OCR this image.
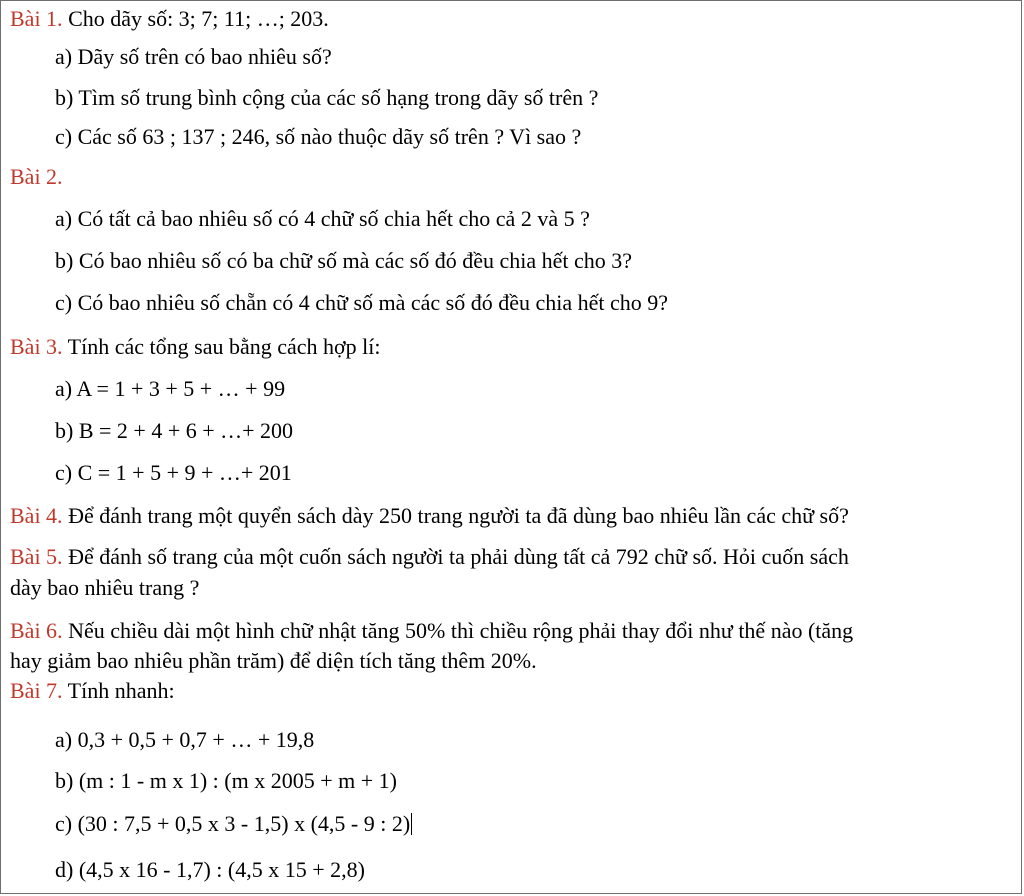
Bài 1. Cho dãy số: 3; 7; 11; …; 203.
a) Dãy số trên có bao nhiêu số?
b) Tìm số trung bình cộng của các số hạng trong dãy số trên ?
c) Các số 63 ; 137 ; 246, số nào thuộc dãy số trên ? Vì sao ?
Bài 2.
a) Có tất cả bao nhiêu số có 4 chữ số chia hết cho cả 2 và 5 ?
b) Có bao nhiêu số có ba chữ số mà các số đó đều chia hết cho 3?
c) Có bao nhiêu số chẵn có 4 chữ số mà các số đó đều chia hết cho 9?
Bài 3. Tính các tổng sau bằng cách hợp lí:
a) A = 1 + 3 + 5 + … + 99
b) B = 2 + 4 + 6 + …+ 200
c) C = 1 + 5 + 9 + …+ 201
Bài 4. Để đánh trang một quyển sách dày 250 trang người ta đã dùng bao nhiêu lần các chữ số?
Bài 5. Để đánh số trang của một cuốn sách người ta phải dùng tất cả 792 chữ số. Hỏi cuốn sách
dày bao nhiêu trang ?
Bài 6. Nếu chiều dài một hình chữ nhật tăng 50% thì chiều rộng phải thay đổi như thế nào (tăng
hay giảm bao nhiêu phần trăm) để diện tích tăng thêm 20%.
Bài 7. Tính nhanh:
a) 0,3 + 0,5 + 0,7 + … + 19,8
b) (m : 1 - m x 1) : (m x 2005 + m + 1)
c) (30 : 7,5 + 0,5 x 3 - 1,5) x (4,5 - 9 : 2)
d) (4,5 x 16 - 1,7) : (4,5 x 15 + 2,8)
